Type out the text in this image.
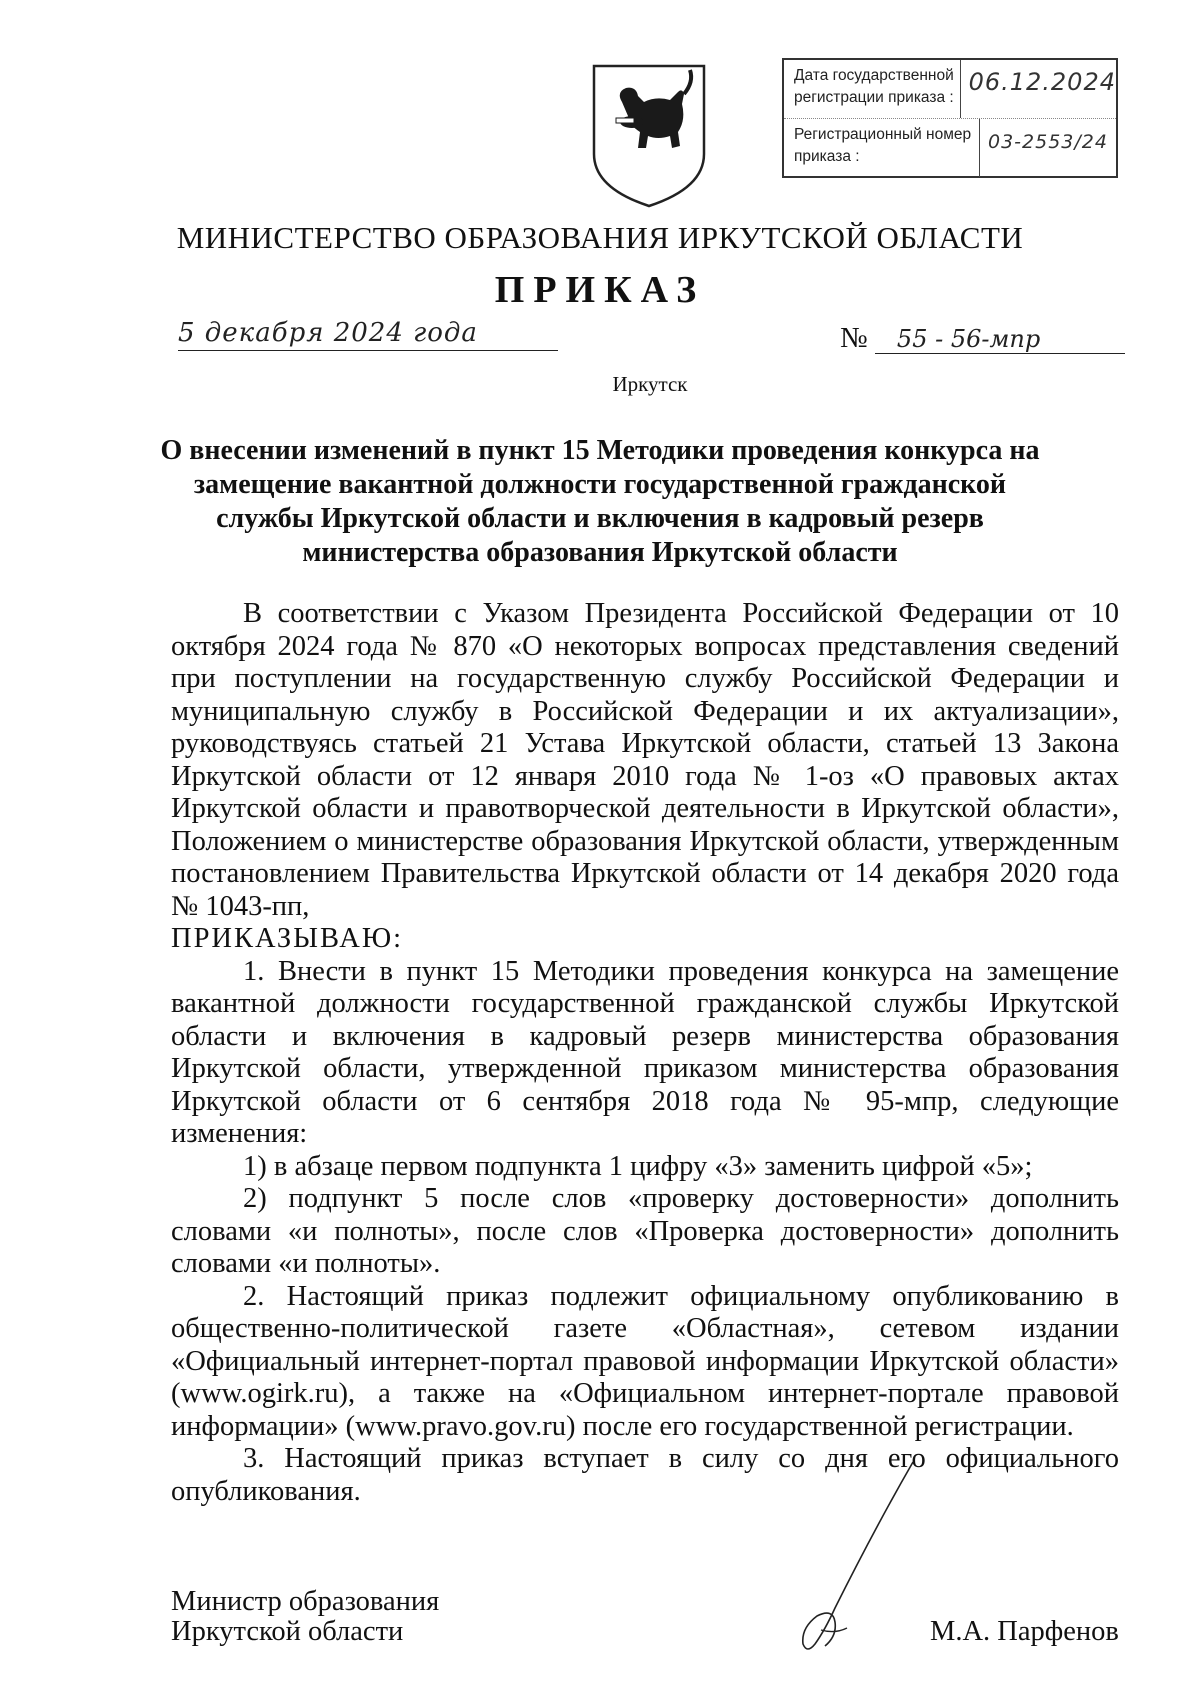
Дата государственной регистрации приказа :
06.12.2024
Регистрационный номер приказа :
03-2553/24
МИНИСТЕРСТВО ОБРАЗОВАНИЯ ИРКУТСКОЙ ОБЛАСТИ
ПРИКАЗ
5 декабря 2024 года	№ 55 - 56-мпр
Иркутск
О внесении изменений в пункт 15 Методики проведения конкурса на замещение вакантной должности государственной гражданской службы Иркутской области и включения в кадровый резерв министерства образования Иркутской области

В соответствии с Указом Президента Российской Федерации от 10 октября 2024 года № 870 «О некоторых вопросах представления сведений при поступлении на государственную службу Российской Федерации и муниципальную службу в Российской Федерации и их актуализации», руководствуясь статьей 21 Устава Иркутской области, статьей 13 Закона Иркутской области от 12 января 2010 года № 1-оз «О правовых актах Иркутской области и правотворческой деятельности в Иркутской области», Положением о министерстве образования Иркутской области, утвержденным постановлением Правительства Иркутской области от 14 декабря 2020 года № 1043-пп,

ПРИКАЗЫВАЮ:

1. Внести в пункт 15 Методики проведения конкурса на замещение вакантной должности государственной гражданской службы Иркутской области и включения в кадровый резерв министерства образования Иркутской области, утвержденной приказом министерства образования Иркутской области от 6 сентября 2018 года № 95-мпр, следующие изменения:

1) в абзаце первом подпункта 1 цифру «3» заменить цифрой «5»;

2) подпункт 5 после слов «проверку достоверности» дополнить словами «и полноты», после слов «Проверка достоверности» дополнить словами «и полноты».

2. Настоящий приказ подлежит официальному опубликованию в общественно-политической газете «Областная», сетевом издании «Официальный интернет-портал правовой информации Иркутской области» (www.ogirk.ru), а также на «Официальном интернет-портале правовой информации» (www.pravo.gov.ru) после его государственной регистрации.

3. Настоящий приказ вступает в силу со дня его официального опубликования.

Министр образования
Иркутской области	М.А. Парфенов
